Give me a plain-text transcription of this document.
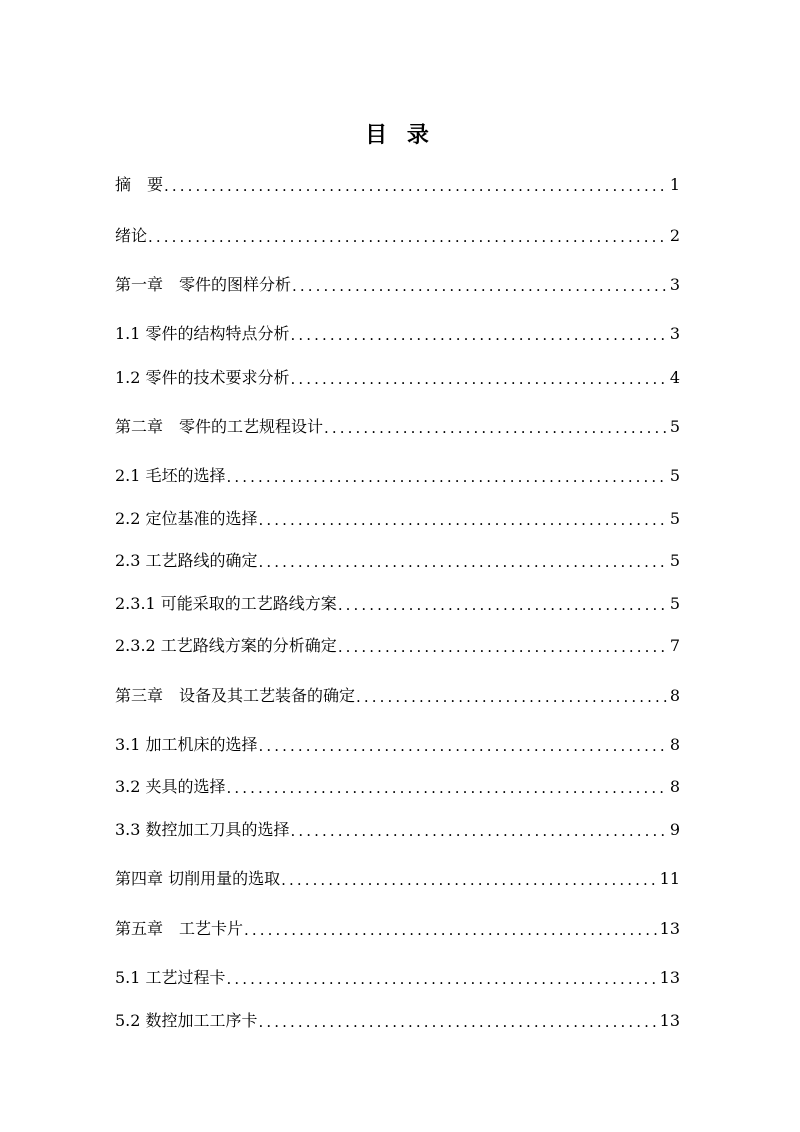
目 录
摘　要 .....	1
绪论 .....	2
第一章　零件的图样分析 .....	3
1.1 零件的结构特点分析 .....	3
1.2 零件的技术要求分析 .....	4
第二章　零件的工艺规程设计 .....	5
2.1 毛坯的选择 .....	5
2.2 定位基准的选择 .....	5
2.3 工艺路线的确定 .....	5
2.3.1 可能采取的工艺路线方案 .....	5
2.3.2 工艺路线方案的分析确定 .....	7
第三章　设备及其工艺装备的确定 .....	8
3.1 加工机床的选择 .....	8
3.2 夹具的选择 .....	8
3.3 数控加工刀具的选择 .....	9
第四章 切削用量的选取 .....	11
第五章　工艺卡片 .....	13
5.1 工艺过程卡 .....	13
5.2 数控加工工序卡 .....	13
